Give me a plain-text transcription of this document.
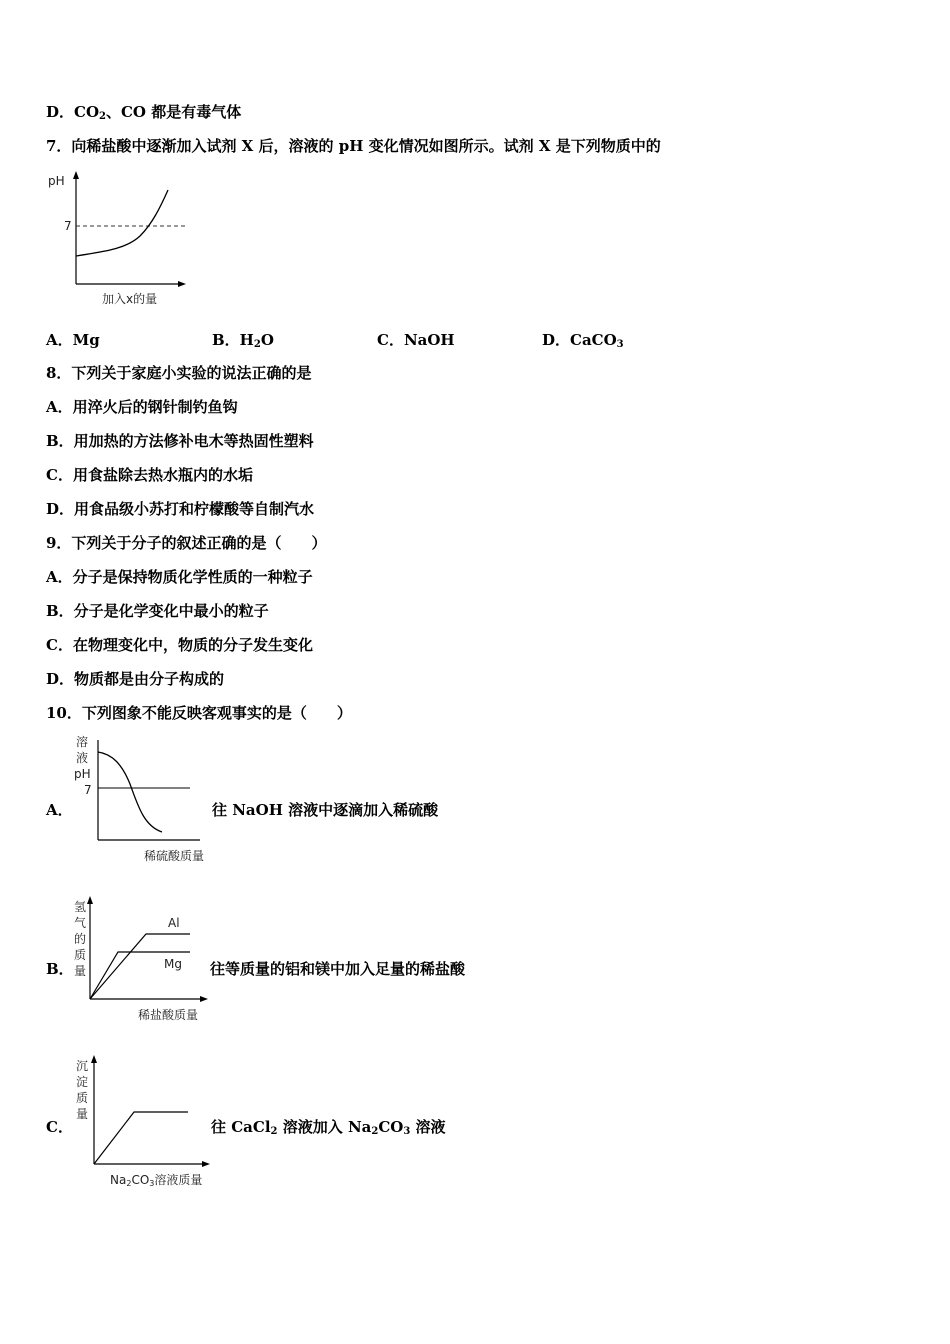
D．$CO_2$、CO 都是有毒气体
7．向稀盐酸中逐渐加入试剂 X 后，溶液的 pH 变化情况如图所示。试剂 X 是下列物质中的
pH
7
加入x的量
A．Mg	B．$H_2O$	C．NaOH	D．CaCO$_3$
8．下列关于家庭小实验的说法正确的是
A．用淬火后的钢针制钓鱼钩
B．用加热的方法修补电木等热固性塑料
C．用食盐除去热水瓶内的水垢
D．用食品级小苏打和柠檬酸等自制汽水
9．下列关于分子的叙述正确的是（　　）
A．分子是保持物质化学性质的一种粒子
B．分子是化学变化中最小的粒子
C．在物理变化中，物质的分子发生变化
D．物质都是由分子构成的
10．下列图象不能反映客观事实的是（　　）
A．
溶
液
pH
7
稀硫酸质量
往 NaOH 溶液中逐滴加入稀硫酸
B．
Al
Mg
氢
气
的
质
量
稀盐酸质量
往等质量的铝和镁中加入足量的稀盐酸
C．
沉
淀
质
量
Na2CO3溶液质量
往 CaCl$_2$ 溶液加入 $Na_2CO_3$ 溶液
